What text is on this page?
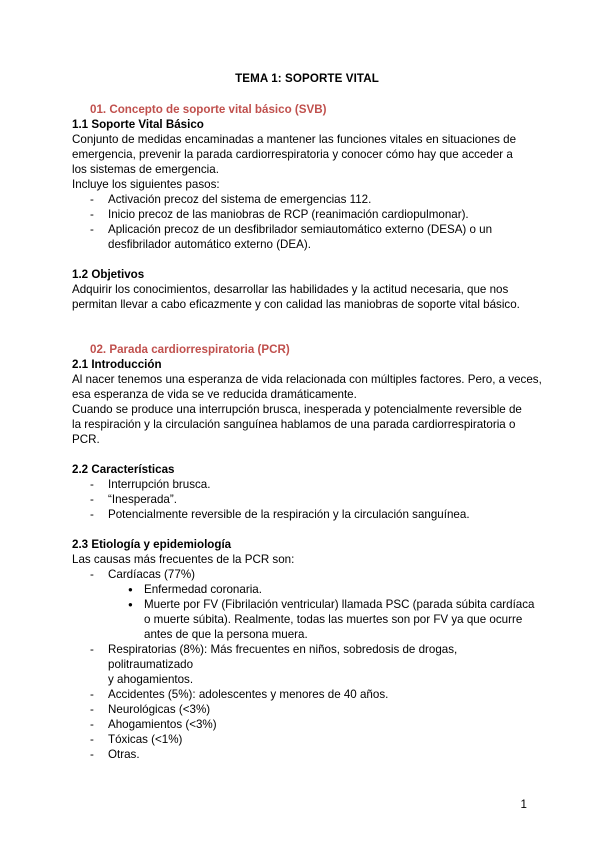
TEMA 1: SOPORTE VITAL
01. Concepto de soporte vital básico (SVB)
1.1 Soporte Vital Básico

Conjunto de medidas encaminadas a mantener las funciones vitales en situaciones de

emergencia, prevenir la parada cardiorrespiratoria y conocer cómo hay que acceder a

los sistemas de emergencia.

Incluye los siguientes pasos:

- Activación precoz del sistema de emergencias 112.
- Inicio precoz de las maniobras de RCP (reanimación cardiopulmonar).
- Aplicación precoz de un desfibrilador semiautomático externo (DESA) o un
desfibrilador automático externo (DEA).
1.2 Objetivos

Adquirir los conocimientos, desarrollar las habilidades y la actitud necesaria, que nos

permitan llevar a cabo eficazmente y con calidad las maniobras de soporte vital básico.

02. Parada cardiorrespiratoria (PCR)
2.1 Introducción

Al nacer tenemos una esperanza de vida relacionada con múltiples factores. Pero, a veces,

esa esperanza de vida se ve reducida dramáticamente.

Cuando se produce una interrupción brusca, inesperada y potencialmente reversible de

la respiración y la circulación sanguínea hablamos de una parada cardiorrespiratoria o

PCR.

2.2 Características
- Interrupción brusca.
- “Inesperada”.
- Potencialmente reversible de la respiración y la circulación sanguínea.
2.3 Etiología y epidemiología

Las causas más frecuentes de la PCR son:

- Cardíacas (77%)
● Enfermedad coronaria.
● Muerte por FV (Fibrilación ventricular) llamada PSC (parada súbita cardíaca
o muerte súbita). Realmente, todas las muertes son por FV ya que ocurre
antes de que la persona muera.
- Respiratorias (8%): Más frecuentes en niños, sobredosis de drogas, politraumatizado
y ahogamientos.
- Accidentes (5%): adolescentes y menores de 40 años.
- Neurológicas (<3%)
- Ahogamientos (<3%)
- Tóxicas (<1%)
- Otras.
1
